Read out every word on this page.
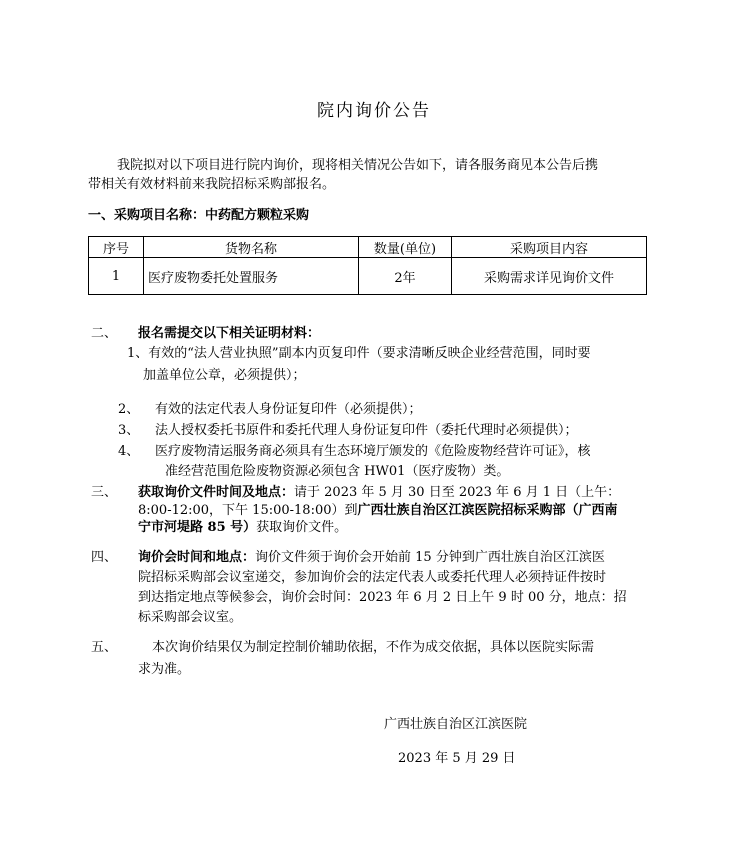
院内询价公告
我院拟对以下项目进行院内询价，现将相关情况公告如下，请各服务商见本公告后携
带相关有效材料前来我院招标采购部报名。
一、采购项目名称：中药配方颗粒采购
序号	货物名称	数量(单位)	采购项目内容
1	医疗废物委托处置服务	2年	采购需求详见询价文件
二、 报名需提交以下相关证明材料：
1、有效的“法人营业执照”副本内页复印件（要求清晰反映企业经营范围，同时要
加盖单位公章，必须提供）；
2、 有效的法定代表人身份证复印件（必须提供）；
3、 法人授权委托书原件和委托代理人身份证复印件（委托代理时必须提供）；
4、 医疗废物清运服务商必须具有生态环境厅颁发的《危险废物经营许可证》，核
准经营范围危险废物资源必须包含 HW01（医疗废物）类。
三、 获取询价文件时间及地点：请于 2023 年 5 月 30 日至 2023 年 6 月 1 日（上午：
8:00-12:00，下午 15:00-18:00）到广西壮族自治区江滨医院招标采购部（广西南
宁市河堤路 85 号）获取询价文件。
四、 询价会时间和地点：询价文件须于询价会开始前 15 分钟到广西壮族自治区江滨医
院招标采购部会议室递交，参加询价会的法定代表人或委托代理人必须持证件按时
到达指定地点等候参会，询价会时间：2023 年 6 月 2 日上午 9 时 00 分，地点：招
标采购部会议室。
五、	本次询价结果仅为制定控制价辅助依据，不作为成交依据，具体以医院实际需
求为准。
广西壮族自治区江滨医院
2023 年 5 月 29 日
